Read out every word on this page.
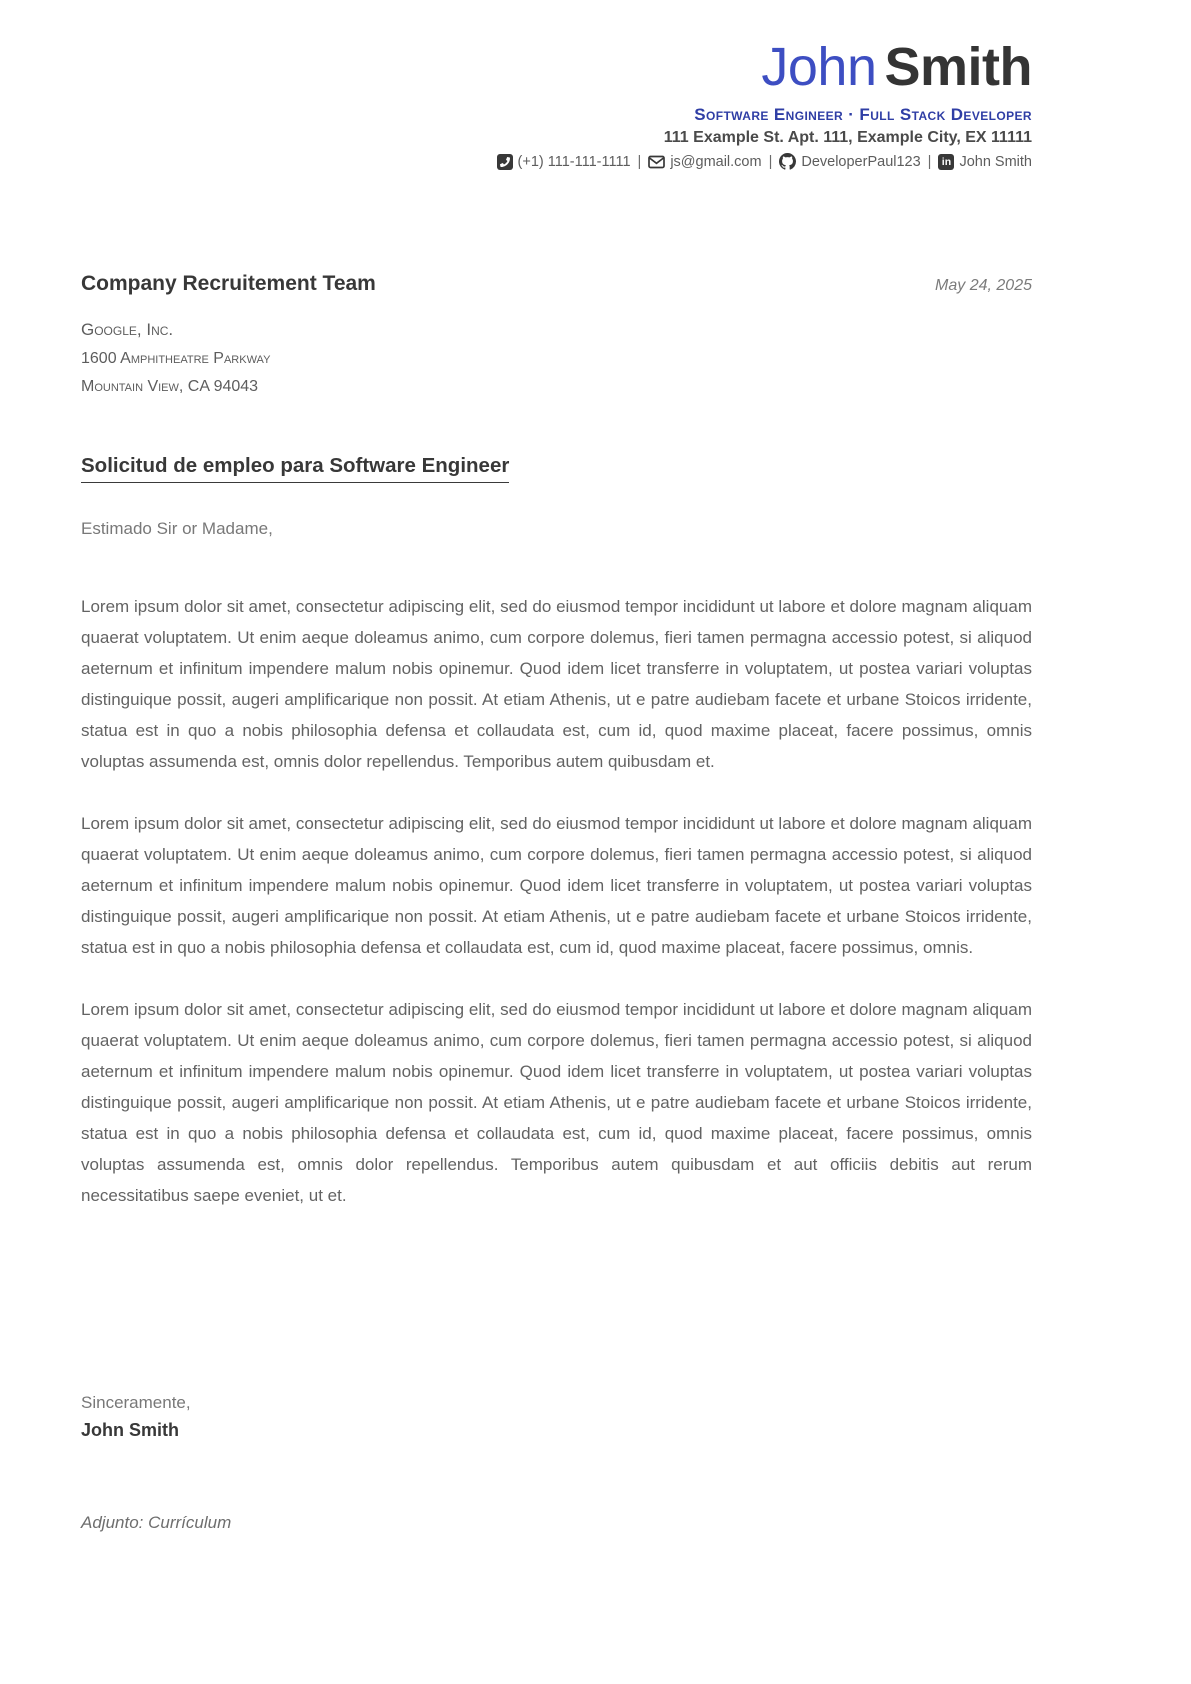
John Smith
Software Engineer · Full Stack Developer
111 Example St. Apt. 111, Example City, EX 11111
(+1) 111-111-1111 | js@gmail.com | DeveloperPaul123 | in John Smith
Company Recruitement Team	May 24, 2025
Google, Inc.
1600 Amphitheatre Parkway
Mountain View, CA 94043
Solicitud de empleo para Software Engineer
Estimado Sir or Madame,

Lorem ipsum dolor sit amet, consectetur adipiscing elit, sed do eiusmod tempor incididunt ut labore et dolore magnam aliquam quaerat voluptatem. Ut enim aeque doleamus animo, cum corpore dolemus, fieri tamen permagna accessio potest, si aliquod aeternum et infinitum impendere malum nobis opinemur. Quod idem licet transferre in voluptatem, ut postea variari voluptas distinguique possit, augeri amplificarique non possit. At etiam Athenis, ut e patre audiebam facete et urbane Stoicos irridente, statua est in quo a nobis philosophia defensa et collaudata est, cum id, quod maxime placeat, facere possimus, omnis voluptas assumenda est, omnis dolor repellendus. Temporibus autem quibusdam et.

Lorem ipsum dolor sit amet, consectetur adipiscing elit, sed do eiusmod tempor incididunt ut labore et dolore magnam aliquam quaerat voluptatem. Ut enim aeque doleamus animo, cum corpore dolemus, fieri tamen permagna accessio potest, si aliquod aeternum et infinitum impendere malum nobis opinemur. Quod idem licet transferre in voluptatem, ut postea variari voluptas distinguique possit, augeri amplificarique non possit. At etiam Athenis, ut e patre audiebam facete et urbane Stoicos irridente, statua est in quo a nobis philosophia defensa et collaudata est, cum id, quod maxime placeat, facere possimus, omnis.

Lorem ipsum dolor sit amet, consectetur adipiscing elit, sed do eiusmod tempor incididunt ut labore et dolore magnam aliquam quaerat voluptatem. Ut enim aeque doleamus animo, cum corpore dolemus, fieri tamen permagna accessio potest, si aliquod aeternum et infinitum impendere malum nobis opinemur. Quod idem licet transferre in voluptatem, ut postea variari voluptas distinguique possit, augeri amplificarique non possit. At etiam Athenis, ut e patre audiebam facete et urbane Stoicos irridente, statua est in quo a nobis philosophia defensa et collaudata est, cum id, quod maxime placeat, facere possimus, omnis voluptas assumenda est, omnis dolor repellendus. Temporibus autem quibusdam et aut officiis debitis aut rerum necessitatibus saepe eveniet, ut et.

Sinceramente,
John Smith
Adjunto: Currículum
